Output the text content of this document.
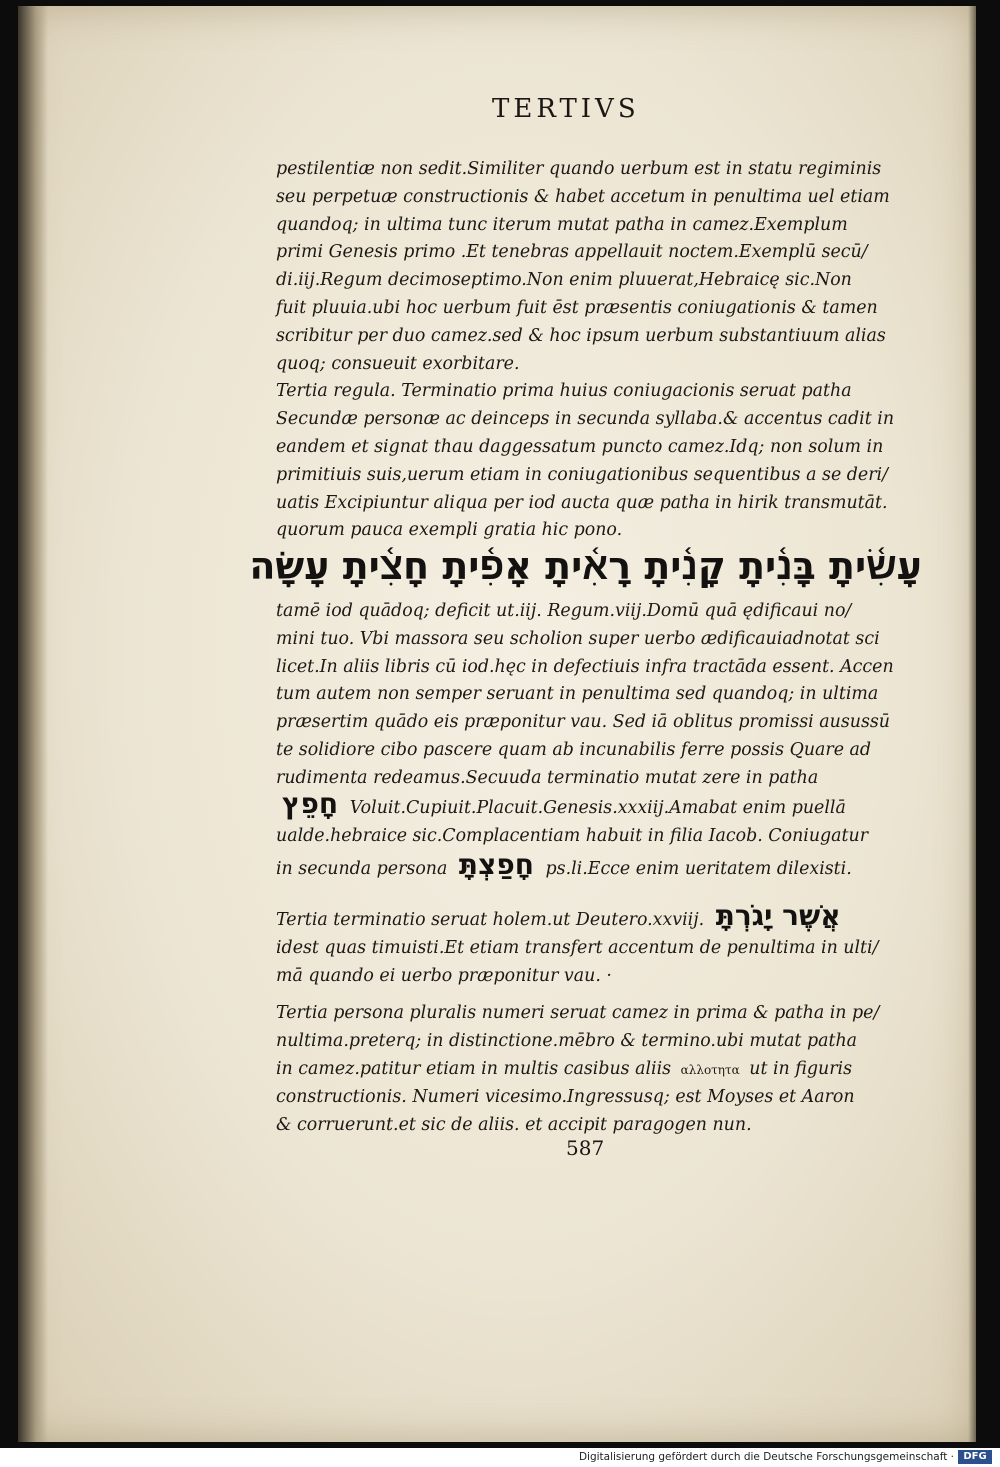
TERTIVS
pestilentiæ non sedit.Similiter quando uerbum est in statu regiminis
seu perpetuæ constructionis & habet accetum in penultima uel etiam
quandoq; in ultima tunc iterum mutat patha in camez.Exemplum
primi Genesis primo .Et tenebras appellauit noctem.Exemplū secū/
di.iij.Regum decimoseptimo.Non enim pluuerat,Hebraicę sic.Non
fuit pluuia.ubi hoc uerbum fuit ēst præsentis coniugationis & tamen
scribitur per duo camez.sed & hoc ipsum uerbum substantiuum alias
quoq; consueuit exorbitare.
Tertia regula. Terminatio prima huius coniugacionis seruat patha
Secundæ personæ ac deinceps in secunda syllaba.& accentus cadit in
eandem et signat thau daggessatum puncto camez.Idq; non solum in
primitiuis suis,uerum etiam in coniugationibus sequentibus a se deri/
uatis Excipiuntur aliqua per iod aucta quæ patha in hirik transmutāt.
quorum pauca exempli gratia hic pono.
עָשִׂ֫יתָ בָּנִ֫יתָ קָנִ֫יתָ רָאִ֫יתָ אָפִ֫יתָ חָצִ֫יתָ עָשָׂה
tamē iod quādoq; deficit ut.iij. Regum.viij.Domū quā ędificaui no/
mini tuo. Vbi massora seu scholion super uerbo ædificauiadnotat sci
licet.In aliis libris cū iod.hęc in defectiuis infra tractāda essent. Accen
tum autem non semper seruant in penultima sed quandoq; in ultima
præsertim quādo eis præponitur vau. Sed iā oblitus promissi ausussū
te solidiore cibo pascere quam ab incunabilis ferre possis Quare ad
rudimenta redeamus.Secuuda terminatio mutat zere in patha
חָפֵץ Voluit.Cupiuit.Placuit.Genesis.xxxiij.Amabat enim puellā
ualde.hebraice sic.Complacentiam habuit in filia Iacob. Coniugatur
in secunda persona חָפַצְתָּ ps.li.Ecce enim ueritatem dilexisti.
Tertia terminatio seruat holem.ut Deutero.xxviij. אֲשֶׁר יָגֹרְתָּ
idest quas timuisti.Et etiam transfert accentum de penultima in ulti/
mā quando ei uerbo præponitur vau. ·
Tertia persona pluralis numeri seruat camez in prima & patha in pe/
nultima.preterq; in distinctione.mēbro & termino.ubi mutat patha
in camez.patitur etiam in multis casibus aliis αλλοτητα ut in figuris
constructionis. Numeri vicesimo.Ingressusq; est Moyses et Aaron
& corruerunt.et sic de aliis. et accipit paragogen nun.
587
Digitalisierung gefördert durch die Deutsche Forschungsgemeinschaft · DFG
